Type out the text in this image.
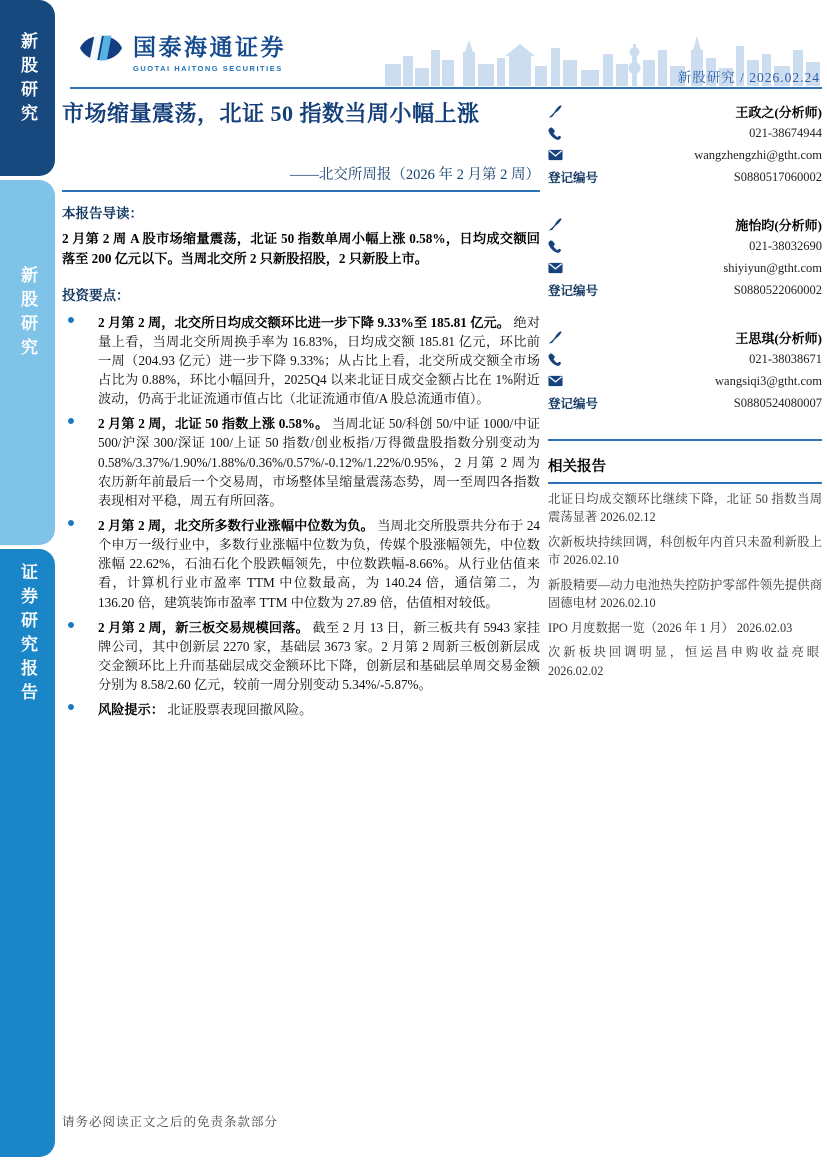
新股研究
新股研究
证券研究报告
国泰海通证券
GUOTAI HAITONG SECURITIES
新股研究 / 2026.02.24
市场缩量震荡，北证 50 指数当周小幅上涨
——北交所周报（2026 年 2 月第 2 周）
本报告导读：
2 月第 2 周 A 股市场缩量震荡，北证 50 指数单周小幅上涨 0.58%，日均成交额回落至 200 亿元以下。当周北交所 2 只新股招股，2 只新股上市。
投资要点：
2 月第 2 周，北交所日均成交额环比进一步下降 9.33%至 185.81 亿元。 绝对量上看，当周北交所周换手率为 16.83%，日均成交额 185.81 亿元，环比前一周（204.93 亿元）进一步下降 9.33%；从占比上看，北交所成交额全市场占比为 0.88%，环比小幅回升，2025Q4 以来北证日成交金额占比在 1%附近波动，仍高于北证流通市值占比（北证流通市值/A 股总流通市值）。
2 月第 2 周，北证 50 指数上涨 0.58%。 当周北证 50/科创 50/中证 1000/中证 500/沪深 300/深证 100/上证 50 指数/创业板指/万得微盘股指数分别变动为 0.58%/3.37%/1.90%/1.88%/0.36%/0.57%/-0.12%/1.22%/0.95%，2 月第 2 周为农历新年前最后一个交易周，市场整体呈缩量震荡态势，周一至周四各指数表现相对平稳，周五有所回落。
2 月第 2 周，北交所多数行业涨幅中位数为负。 当周北交所股票共分布于 24 个申万一级行业中，多数行业涨幅中位数为负，传媒个股涨幅领先，中位数涨幅 22.62%，石油石化个股跌幅领先，中位数跌幅-8.66%。从行业估值来看，计算机行业市盈率 TTM 中位数最高，为 140.24 倍，通信第二，为 136.20 倍，建筑装饰市盈率 TTM 中位数为 27.89 倍，估值相对较低。
2 月第 2 周，新三板交易规模回落。 截至 2 月 13 日，新三板共有 5943 家挂牌公司，其中创新层 2270 家，基础层 3673 家。2 月第 2 周新三板创新层成交金额环比上升而基础层成交金额环比下降，创新层和基础层单周交易金额分别为 8.58/2.60 亿元，较前一周分别变动 5.34%/-5.87%。
风险提示： 北证股票表现回撤风险。
王政之(分析师)
021-38674944
wangzhengzhi@gtht.com
登记编号	S0880517060002
施怡昀(分析师)
021-38032690
shiyiyun@gtht.com
登记编号	S0880522060002
王思琪(分析师)
021-38038671
wangsiqi3@gtht.com
登记编号	S0880524080007
相关报告
北证日均成交额环比继续下降，北证 50 指数当周震荡显著 2026.02.12
次新板块持续回调，科创板年内首只未盈利新股上市 2026.02.10
新股精要—动力电池热失控防护零部件领先提供商固德电材 2026.02.10
IPO 月度数据一览（2026 年 1 月） 2026.02.03
次新板块回调明显，恒运昌申购收益亮眼 2026.02.02
请务必阅读正文之后的免责条款部分
